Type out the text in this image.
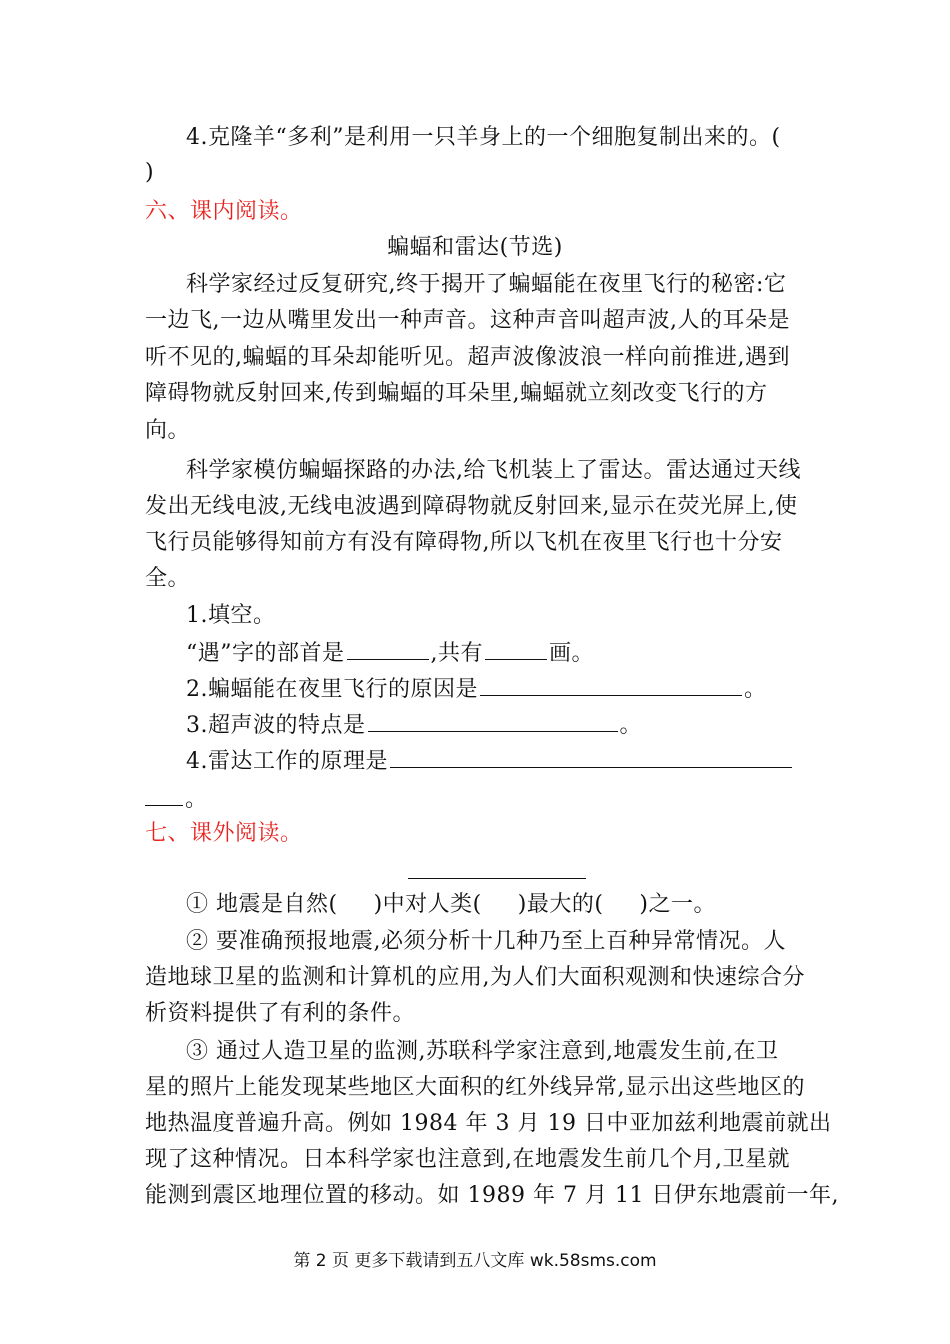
4.克隆羊“多利”是利用一只羊身上的一个细胞复制出来的。(
)
六、课内阅读。
蝙蝠和雷达(节选)
科学家经过反复研究,终于揭开了蝙蝠能在夜里飞行的秘密:它
一边飞,一边从嘴里发出一种声音。这种声音叫超声波,人的耳朵是
听不见的,蝙蝠的耳朵却能听见。超声波像波浪一样向前推进,遇到
障碍物就反射回来,传到蝙蝠的耳朵里,蝙蝠就立刻改变飞行的方
向。
科学家模仿蝙蝠探路的办法,给飞机装上了雷达。雷达通过天线
发出无线电波,无线电波遇到障碍物就反射回来,显示在荧光屏上,使
飞行员能够得知前方有没有障碍物,所以飞机在夜里飞行也十分安
全。
1.填空。
“遇”字的部首是	,共有	画。
2.蝙蝠能在夜里飞行的原因是	。
3.超声波的特点是	。
4.雷达工作的原理是
。
七、课外阅读。
① 地震是自然( )中对人类( )最大的( )之一。
② 要准确预报地震,必须分析十几种乃至上百种异常情况。人
造地球卫星的监测和计算机的应用,为人们大面积观测和快速综合分
析资料提供了有利的条件。
③ 通过人造卫星的监测,苏联科学家注意到,地震发生前,在卫
星的照片上能发现某些地区大面积的红外线异常,显示出这些地区的
地热温度普遍升高。例如 1984 年 3 月 19 日中亚加兹利地震前就出
现了这种情况。日本科学家也注意到,在地震发生前几个月,卫星就
能测到震区地理位置的移动。如 1989 年 7 月 11 日伊东地震前一年,
第 2 页 更多下载请到五八文库 wk.58sms.com
